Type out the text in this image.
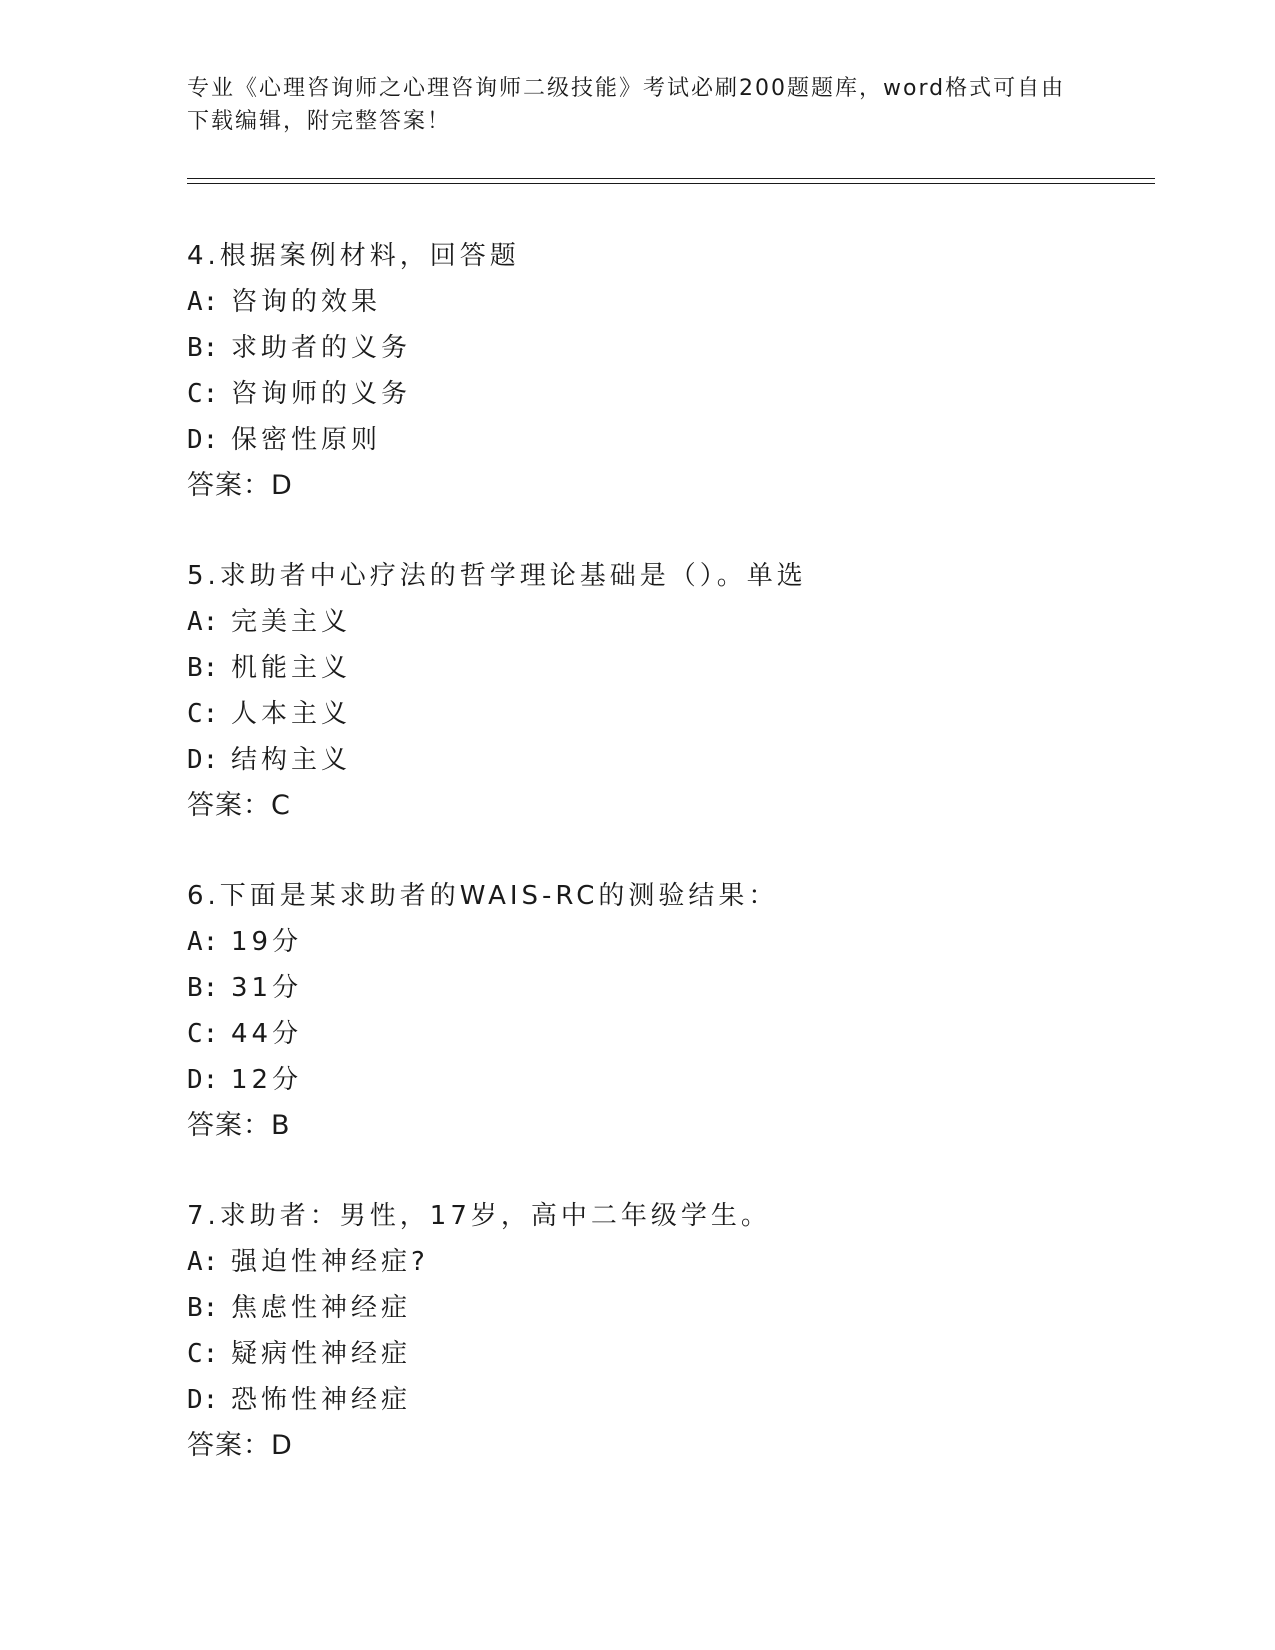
专业《心理咨询师之心理咨询师二级技能》考试必刷200题题库，word格式可自由下载编辑，附完整答案！
4.根据案例材料，回答题
A: 咨询的效果
B: 求助者的义务
C: 咨询师的义务
D: 保密性原则
答案：D
5.求助者中心疗法的哲学理论基础是（）。单选
A: 完美主义
B: 机能主义
C: 人本主义
D: 结构主义
答案：C
6.下面是某求助者的WAIS-RC的测验结果：
A: 19分
B: 31分
C: 44分
D: 12分
答案：B
7.求助者：男性，17岁，高中二年级学生。
A: 强迫性神经症?
B: 焦虑性神经症
C: 疑病性神经症
D: 恐怖性神经症
答案：D
